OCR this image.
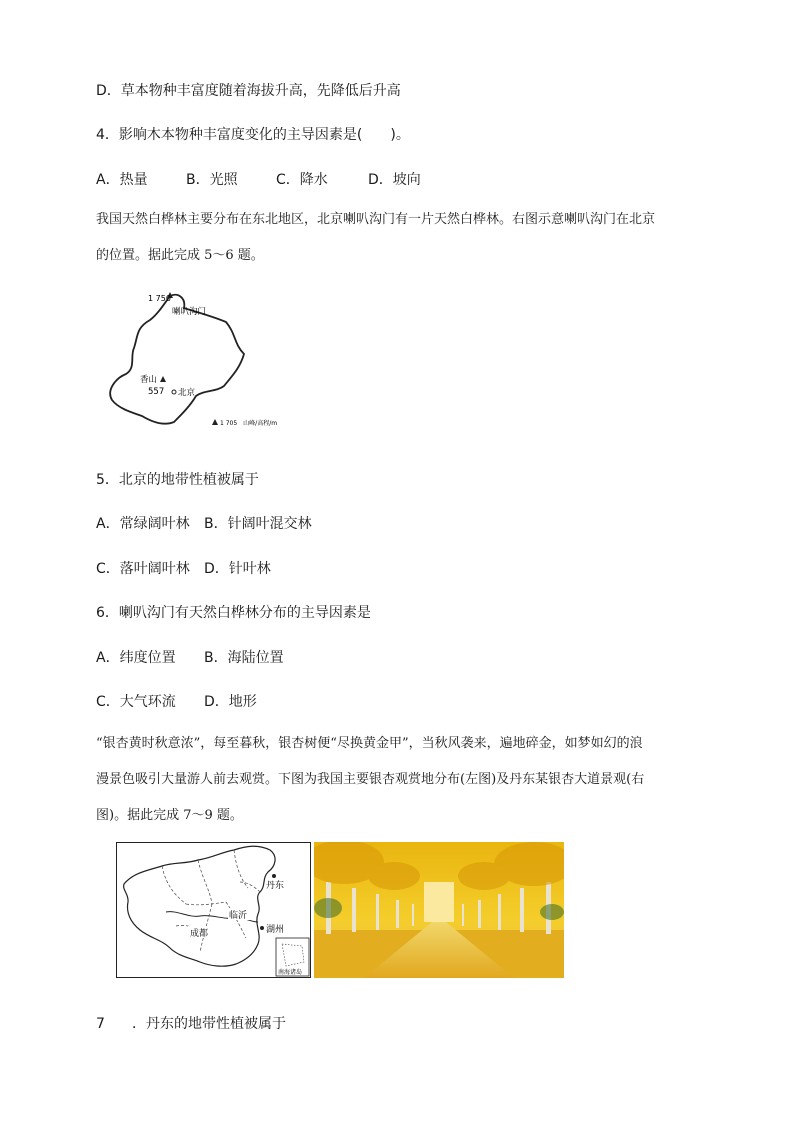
D．草本物种丰富度随着海拔升高，先降低后升高
4．影响木本物种丰富度变化的主导因素是(　　)。
A．热量	B．光照	C．降水	D．坡向
我国天然白桦林主要分布在东北地区，北京喇叭沟门有一片天然白桦林。右图示意喇叭沟门在北京
的位置。据此完成 5～6 题。
1 750
喇叭沟门
香山
557 北京
1 705　山峰/高程/m
5．北京的地带性植被属于
A．常绿阔叶林 B．针阔叶混交林
C．落叶阔叶林 D．针叶林
6．喇叭沟门有天然白桦林分布的主导因素是
A．纬度位置 B．海陆位置
C．大气环流 D．地形
“银杏黄时秋意浓”，每至暮秋，银杏树便“尽换黄金甲”，当秋风袭来，遍地碎金，如梦如幻的浪
漫景色吸引大量游人前去观赏。下图为我国主要银杏观赏地分布(左图)及丹东某银杏大道景观(右
图)。据此完成 7～9 题。
丹东
临沂
成都	湖州
南海诸岛
7 ．丹东的地带性植被属于
